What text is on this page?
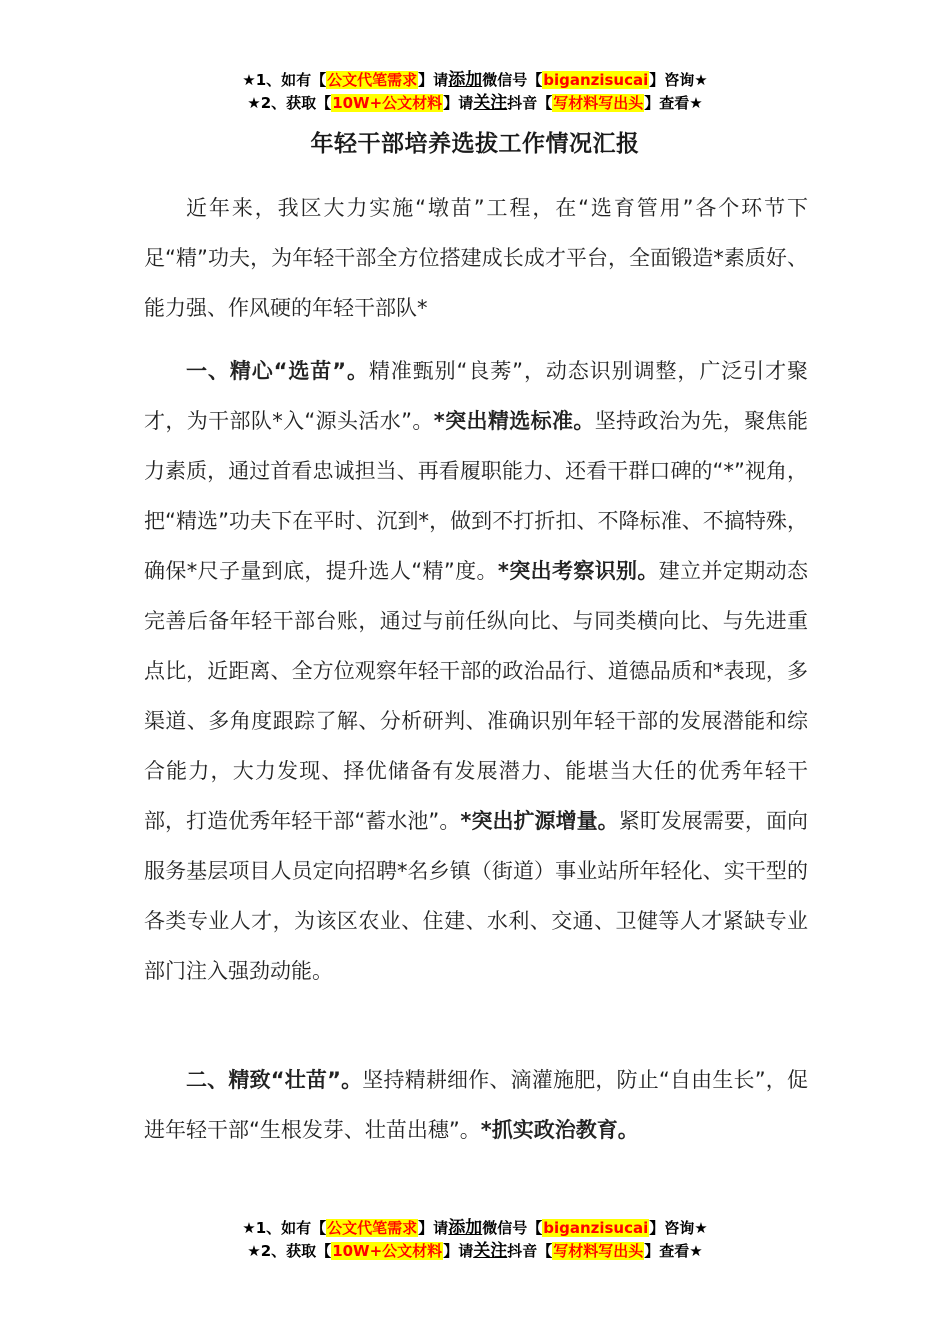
★1、如有【公文代笔需求】请添加微信号【biganzisucai】咨询★
★2、获取【10W+公文材料】请关注抖音【写材料写出头】查看★
年轻干部培养选拔工作情况汇报

近年来，我区大力实施“墩苗”工程，在“选育管用”各个环节下足“精”功夫，为年轻干部全方位搭建成长成才平台，全面锻造*素质好、能力强、作风硬的年轻干部队*

一、精心“选苗”。精准甄别“良莠”，动态识别调整，广泛引才聚才，为干部队*入“源头活水”。*突出精选标准。坚持政治为先，聚焦能力素质，通过首看忠诚担当、再看履职能力、还看干群口碑的“*”视角，把“精选”功夫下在平时、沉到*，做到不打折扣、不降标准、不搞特殊，确保*尺子量到底，提升选人“精”度。*突出考察识别。建立并定期动态完善后备年轻干部台账，通过与前任纵向比、与同类横向比、与先进重点比，近距离、全方位观察年轻干部的政治品行、道德品质和*表现，多渠道、多角度跟踪了解、分析研判、准确识别年轻干部的发展潜能和综合能力，大力发现、择优储备有发展潜力、能堪当大任的优秀年轻干部，打造优秀年轻干部“蓄水池”。*突出扩源增量。紧盯发展需要，面向服务基层项目人员定向招聘*名乡镇（街道）事业站所年轻化、实干型的各类专业人才，为该区农业、住建、水利、交通、卫健等人才紧缺专业部门注入强劲动能。

二、精致“壮苗”。坚持精耕细作、滴灌施肥，防止“自由生长”，促进年轻干部“生根发芽、壮苗出穗”。*抓实政治教育。

★1、如有【公文代笔需求】请添加微信号【biganzisucai】咨询★
★2、获取【10W+公文材料】请关注抖音【写材料写出头】查看★
